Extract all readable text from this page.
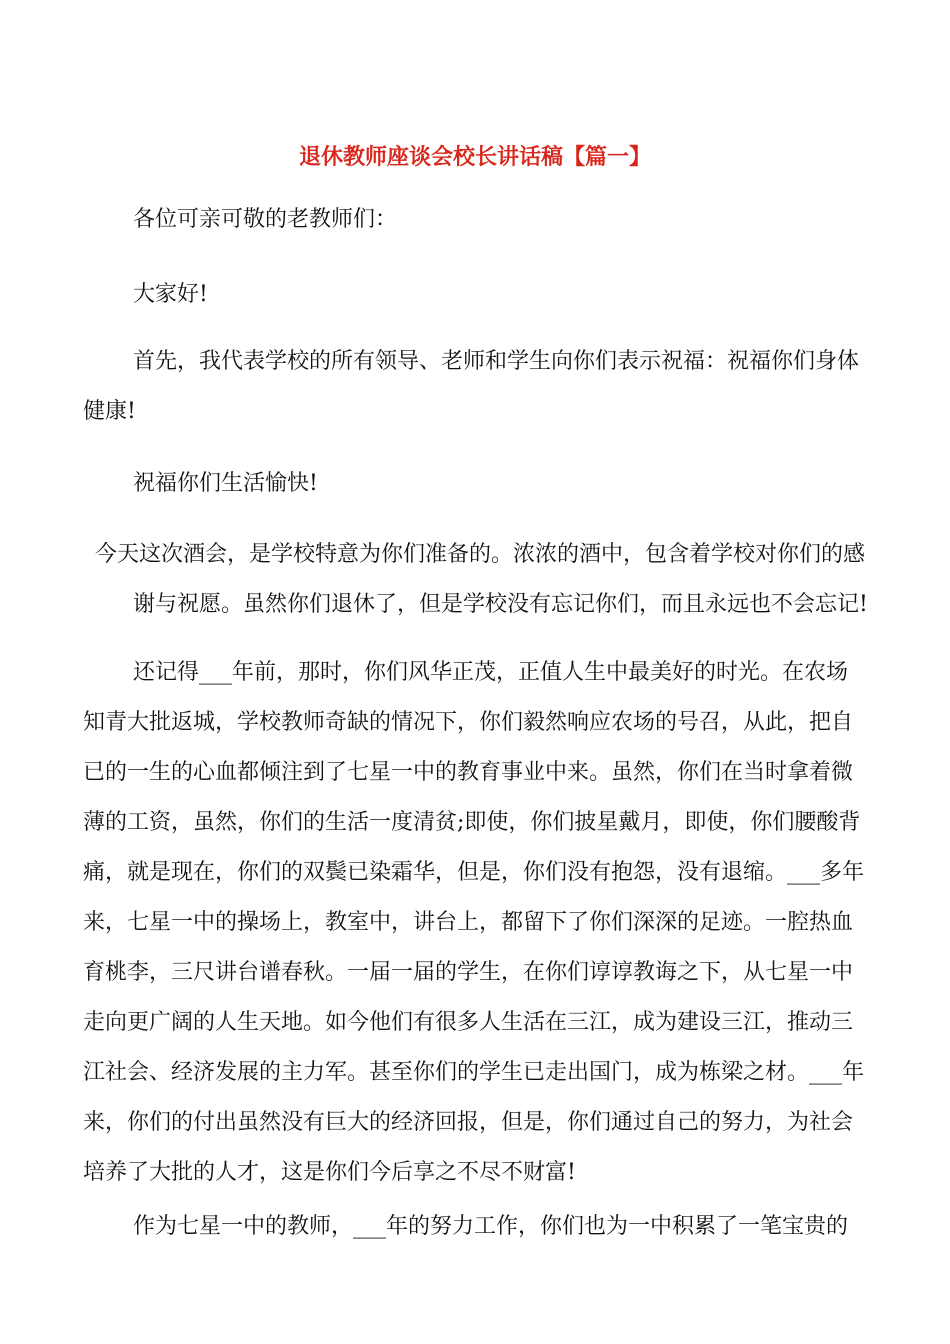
退休教师座谈会校长讲话稿【篇一】

各位可亲可敬的老教师们：

大家好!

首先，我代表学校的所有领导、老师和学生向你们表示祝福：祝福你们身体

健康!

祝福你们生活愉快!

今天这次酒会，是学校特意为你们准备的。浓浓的酒中，包含着学校对你们的感

谢与祝愿。虽然你们退休了，但是学校没有忘记你们，而且永远也不会忘记!

还记得___年前，那时，你们风华正茂，正值人生中最美好的时光。在农场

知青大批返城，学校教师奇缺的情况下，你们毅然响应农场的号召，从此，把自

已的一生的心血都倾注到了七星一中的教育事业中来。虽然，你们在当时拿着微

薄的工资，虽然，你们的生活一度清贫;即使，你们披星戴月，即使，你们腰酸背

痛，就是现在，你们的双鬓已染霜华，但是，你们没有抱怨，没有退缩。___多年

来，七星一中的操场上，教室中，讲台上，都留下了你们深深的足迹。一腔热血

育桃李，三尺讲台谱春秋。一届一届的学生，在你们谆谆教诲之下，从七星一中

走向更广阔的人生天地。如今他们有很多人生活在三江，成为建设三江，推动三

江社会、经济发展的主力军。甚至你们的学生已走出国门，成为栋梁之材。___年

来，你们的付出虽然没有巨大的经济回报，但是，你们通过自己的努力，为社会

培养了大批的人才，这是你们今后享之不尽不财富!

作为七星一中的教师，___年的努力工作，你们也为一中积累了一笔宝贵的
